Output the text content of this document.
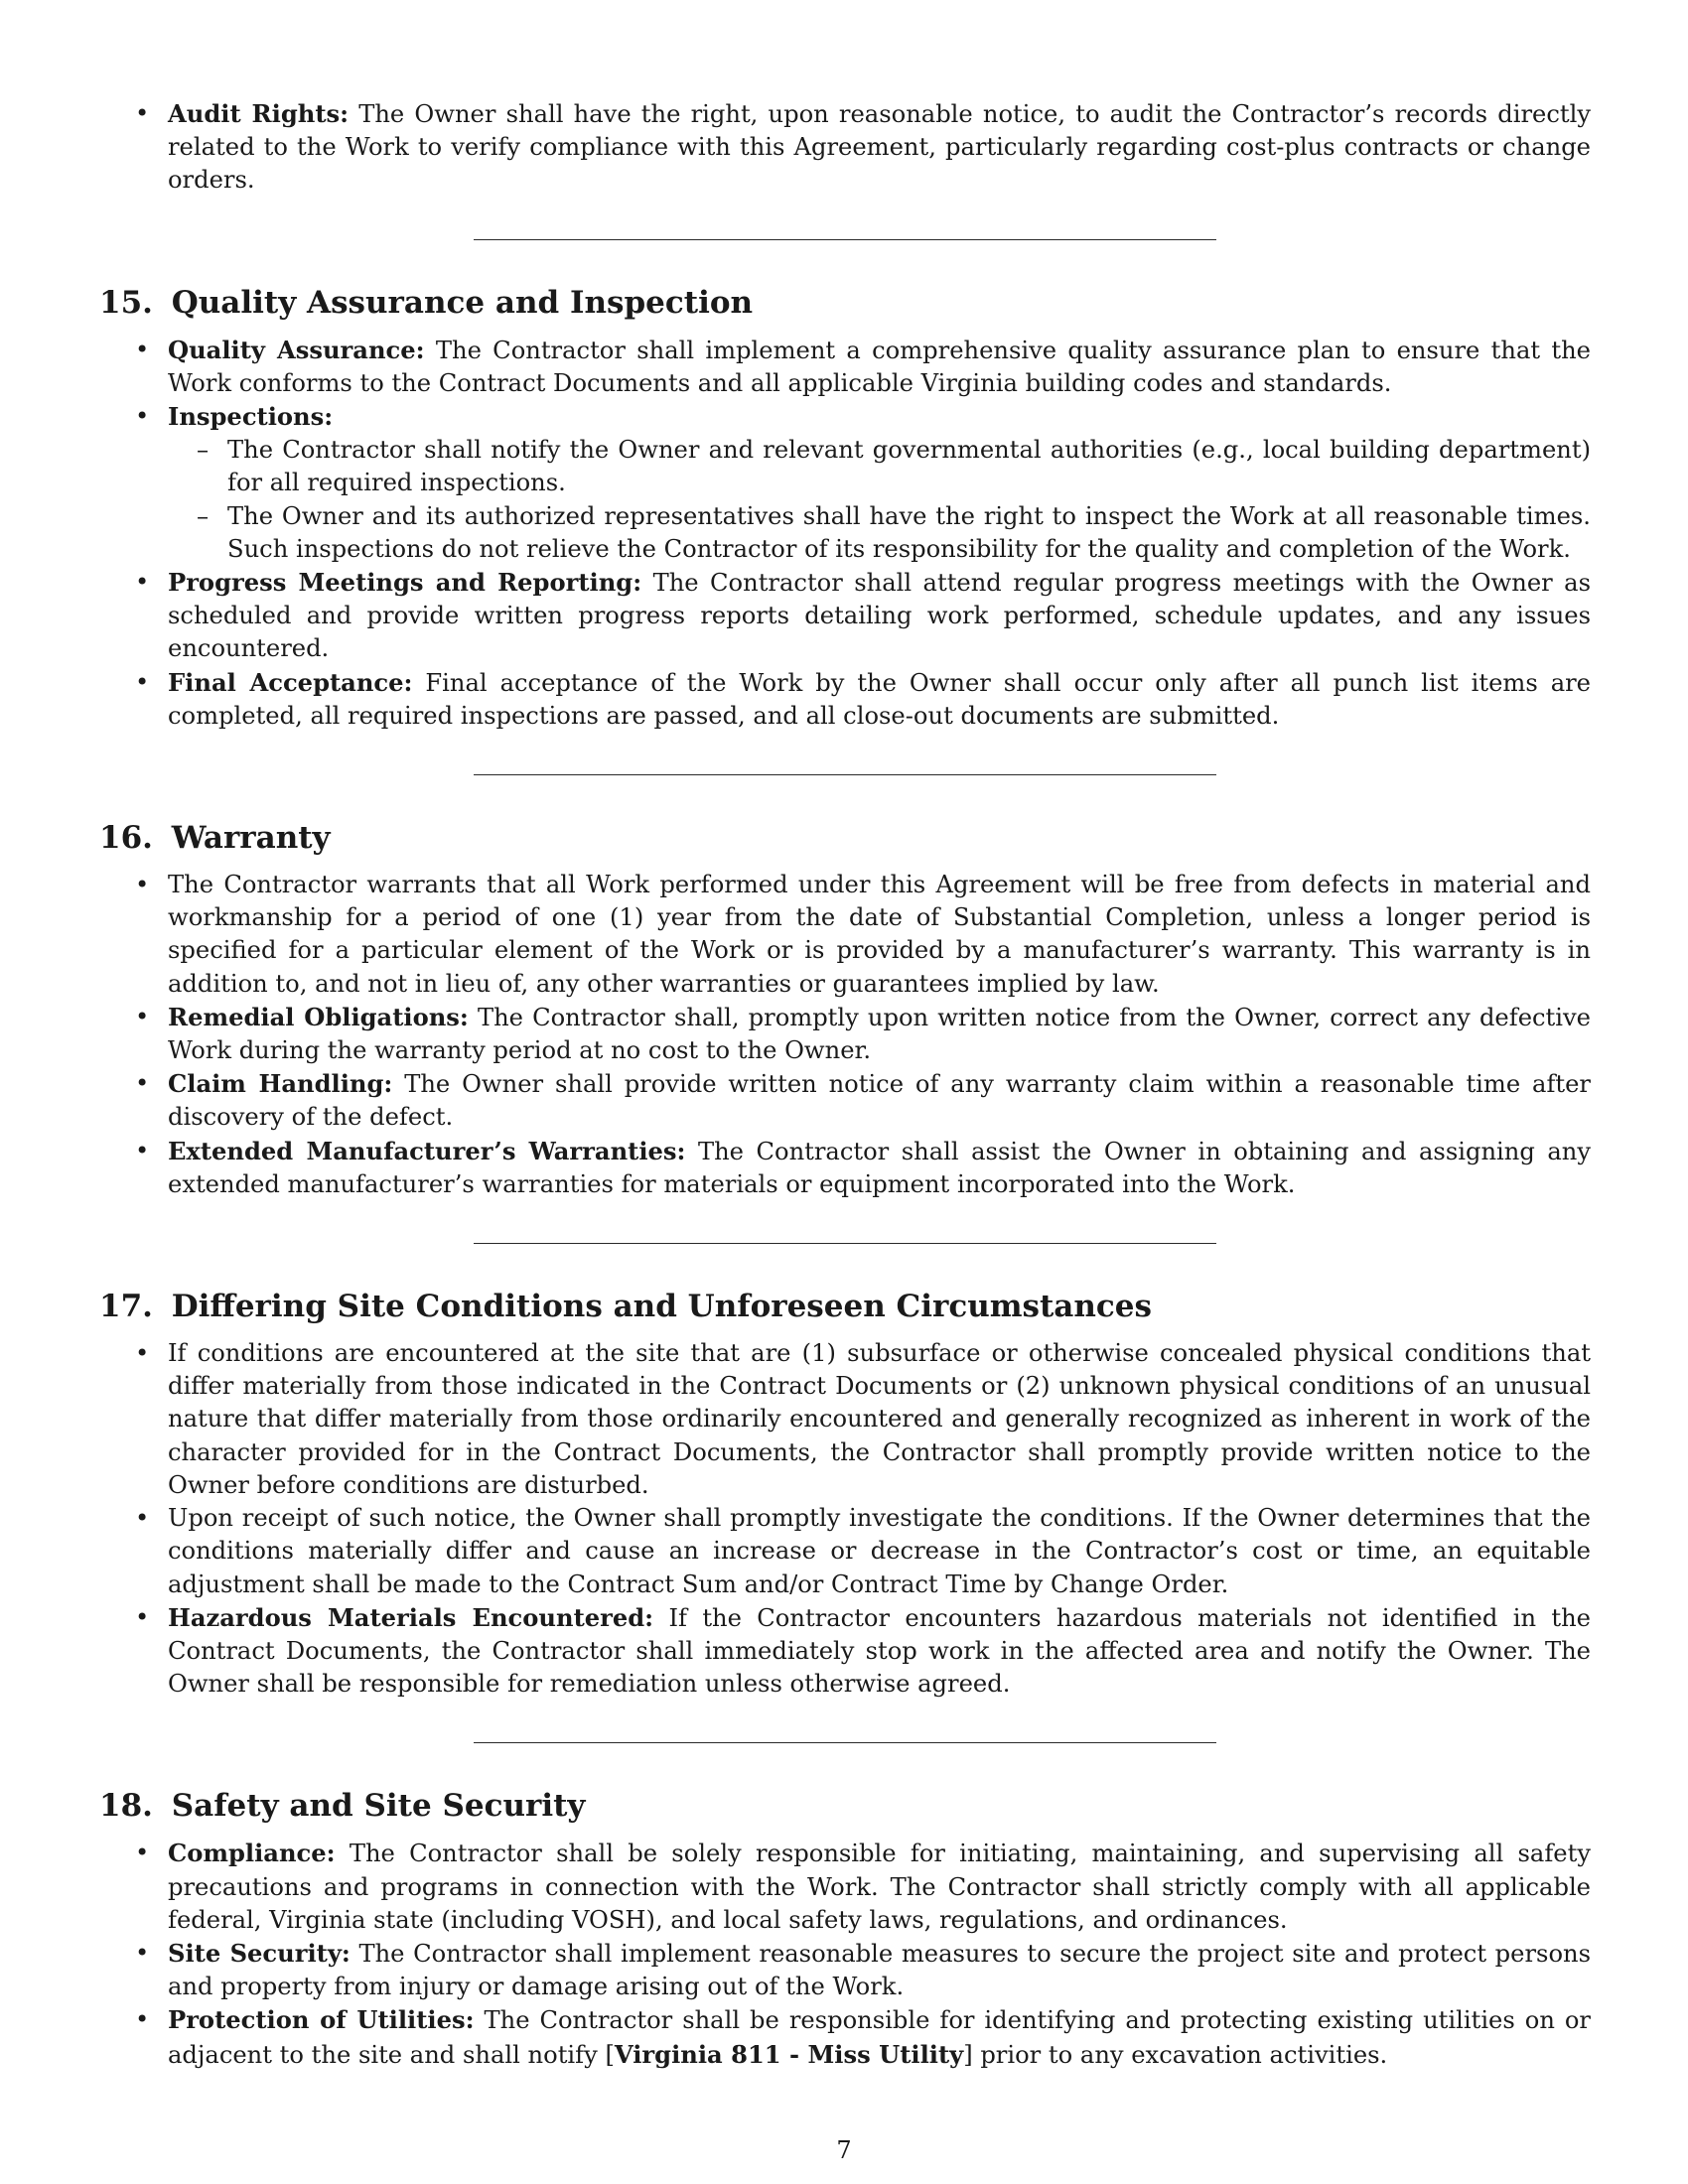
• Audit Rights: The Owner shall have the right, upon reasonable notice, to audit the Contractor’s records directly related to the Work to verify compliance with this Agreement, particularly regarding cost-plus contracts or change orders.
15. Quality Assurance and Inspection
• Quality Assurance: The Contractor shall implement a comprehensive quality assurance plan to ensure that the Work conforms to the Contract Documents and all applicable Virginia building codes and standards.
• Inspections:
– The Contractor shall notify the Owner and relevant governmental authorities (e.g., local building department) for all required inspections.
– The Owner and its authorized representatives shall have the right to inspect the Work at all reasonable times. Such inspections do not relieve the Contractor of its responsibility for the quality and completion of the Work.
• Progress Meetings and Reporting: The Contractor shall attend regular progress meetings with the Owner as scheduled and provide written progress reports detailing work performed, schedule updates, and any issues encountered.
• Final Acceptance: Final acceptance of the Work by the Owner shall occur only after all punch list items are completed, all required inspections are passed, and all close-out documents are submitted.
16. Warranty
• The Contractor warrants that all Work performed under this Agreement will be free from defects in material and workmanship for a period of one (1) year from the date of Substantial Completion, unless a longer period is specified for a particular element of the Work or is provided by a manufacturer’s warranty. This warranty is in addition to, and not in lieu of, any other warranties or guarantees implied by law.
• Remedial Obligations: The Contractor shall, promptly upon written notice from the Owner, correct any defective Work during the warranty period at no cost to the Owner.
• Claim Handling: The Owner shall provide written notice of any warranty claim within a reasonable time after discovery of the defect.
• Extended Manufacturer’s Warranties: The Contractor shall assist the Owner in obtaining and assigning any extended manufacturer’s warranties for materials or equipment incorporated into the Work.
17. Differing Site Conditions and Unforeseen Circumstances
• If conditions are encountered at the site that are (1) subsurface or otherwise concealed physical conditions that differ materially from those indicated in the Contract Documents or (2) unknown physical conditions of an unusual nature that differ materially from those ordinarily encountered and generally recognized as inherent in work of the character provided for in the Contract Documents, the Contractor shall promptly provide written notice to the Owner before conditions are disturbed.
• Upon receipt of such notice, the Owner shall promptly investigate the conditions. If the Owner determines that the conditions materially differ and cause an increase or decrease in the Contractor’s cost or time, an equitable adjustment shall be made to the Contract Sum and/or Contract Time by Change Order.
• Hazardous Materials Encountered: If the Contractor encounters hazardous materials not identified in the Contract Documents, the Contractor shall immediately stop work in the affected area and notify the Owner. The Owner shall be responsible for remediation unless otherwise agreed.
18. Safety and Site Security
• Compliance: The Contractor shall be solely responsible for initiating, maintaining, and supervising all safety precautions and programs in connection with the Work. The Contractor shall strictly comply with all applicable federal, Virginia state (including VOSH), and local safety laws, regulations, and ordinances.
• Site Security: The Contractor shall implement reasonable measures to secure the project site and protect persons and property from injury or damage arising out of the Work.
• Protection of Utilities: The Contractor shall be responsible for identifying and protecting existing utilities on or adjacent to the site and shall notify [Virginia 811 - Miss Utility] prior to any excavation activities.
7
